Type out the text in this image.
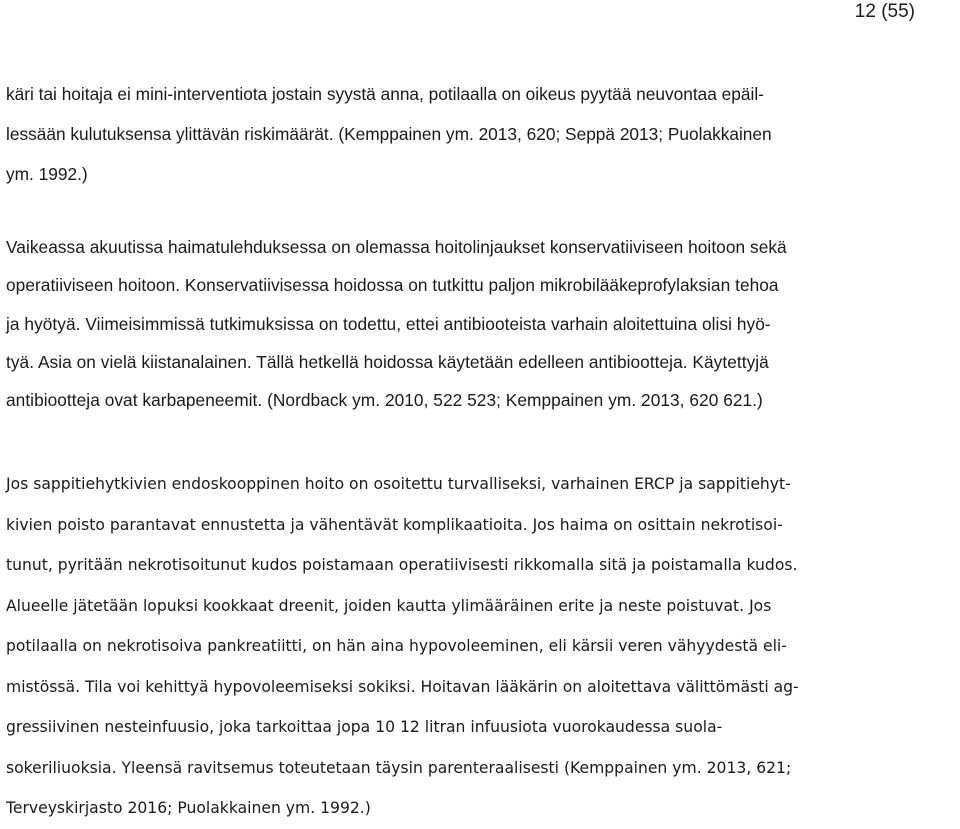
12 (55)
käri tai hoitaja ei mini-interventiota jostain syystä anna, potilaalla on oikeus pyytää neuvontaa epäil-
lessään kulutuksensa ylittävän riskimäärät. (Kemppainen ym. 2013, 620; Seppä 2013; Puolakkainen
ym. 1992.)
Vaikeassa akuutissa haimatulehduksessa on olemassa hoitolinjaukset konservatiiviseen hoitoon sekä
operatiiviseen hoitoon. Konservatiivisessa hoidossa on tutkittu paljon mikrobilääkeprofylaksian tehoa
ja hyötyä. Viimeisimmissä tutkimuksissa on todettu, ettei antibiooteista varhain aloitettuina olisi hyö-
tyä. Asia on vielä kiistanalainen. Tällä hetkellä hoidossa käytetään edelleen antibiootteja. Käytettyjä
antibiootteja ovat karbapeneemit. (Nordback ym. 2010, 522 523; Kemppainen ym. 2013, 620 621.)
Jos sappitiehytkivien endoskooppinen hoito on osoitettu turvalliseksi, varhainen ERCP ja sappitiehyt-
kivien poisto parantavat ennustetta ja vähentävät komplikaatioita. Jos haima on osittain nekrotisoi-
tunut, pyritään nekrotisoitunut kudos poistamaan operatiivisesti rikkomalla sitä ja poistamalla kudos.
Alueelle jätetään lopuksi kookkaat dreenit, joiden kautta ylimääräinen erite ja neste poistuvat. Jos
potilaalla on nekrotisoiva pankreatiitti, on hän aina hypovoleeminen, eli kärsii veren vähyydestä eli-
mistössä. Tila voi kehittyä hypovoleemiseksi sokiksi. Hoitavan lääkärin on aloitettava välittömästi ag-
gressiivinen nesteinfuusio, joka tarkoittaa jopa 10 12 litran infuusiota vuorokaudessa suola-
sokeriliuoksia. Yleensä ravitsemus toteutetaan täysin parenteraalisesti (Kemppainen ym. 2013, 621;
Terveyskirjasto 2016; Puolakkainen ym. 1992.)
